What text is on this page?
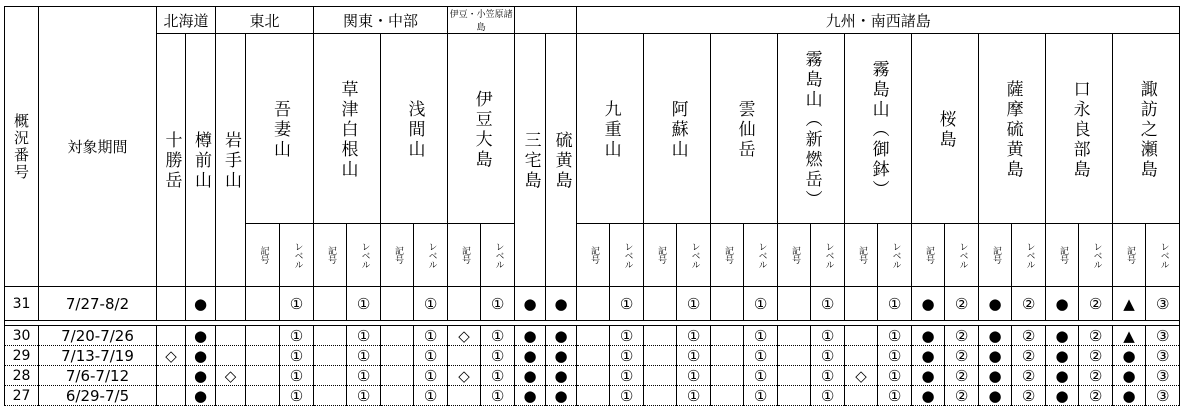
概況番号	対象期間	北海道		東北			関東・中部				伊豆・小笠原諸島				九州・南西諸島																		

		十勝岳	樽前山	岩手山	吾妻山		草津白根山		浅間山		伊豆大島		三宅島	硫黄島	九重山		阿蘇山		雲仙岳		霧島山（新燃岳）		霧島山（御鉢）		桜島		薩摩硫黄島		口永良部島		諏訪之瀬島		

					記号	レベル	記号	レベル	記号	レベル	記号	レベル			記号	レベル	記号	レベル	記号	レベル	記号	レベル	記号	レベル	記号	レベル	記号	レベル	記号	レベル	記号	レベル

31	7/27-8/2		●			①		①		①		①	●	●		①		①		①		①		①	●	②	●	②	●	②	▲	③	

30	7/20-7/26		●			①		①		①	◇	①	●	●		①		①		①		①		①	●	②	●	②	●	②	▲	③	
29	7/13-7/19	◇	●			①		①		①		①	●	●		①		①		①		①		①	●	②	●	②	●	②	●	③	
28	7/6-7/12		●	◇		①		①		①	◇	①	●	●		①		①		①		①	◇	①	●	②	●	②	●	②	●	③	
27	6/29-7/5		●			①		①		①		①	●	●		①		①		①		①		①	●	②	●	②	●	②	●	③	
